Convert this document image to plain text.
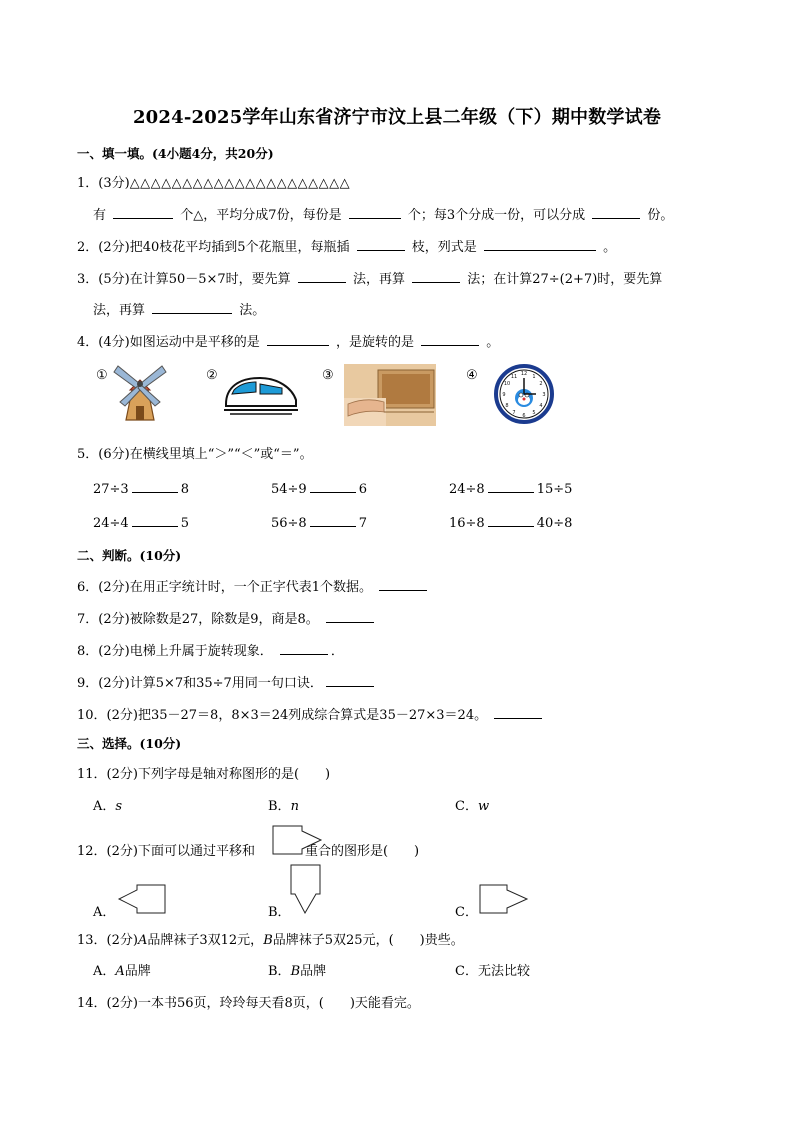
2024-2025学年山东省济宁市汶上县二年级（下）期中数学试卷
一、填一填。(4小题4分，共20分)
1．(3分)△△△△△△△△△△△△△△△△△△△△△
有	个△，平均分成7份，每份是	个；每3个分成一份，可以分成	份。
2．(2分)把40枝花平均插到5个花瓶里，每瓶插	枝，列式是	。
3．(5分)在计算50－5×7时，要先算	法，再算	法；在计算27÷(2+7)时，要先算
法，再算	法。
4．(4分)如图运动中是平移的是	，是旋转的是	。
①	②	③	④	12 1
2
3
4
5
6
7
8
9
10
11
5．(6分)在横线里填上“＞”“＜”或“＝”。
27÷3	8	54÷9	6	24÷8	15÷5
24÷4	5	56÷8	7	16÷8	40÷8
二、判断。(10分)
6．(2分)在用正字统计时，一个正字代表1个数据。
7．(2分)被除数是27，除数是9，商是8。
8．(2分)电梯上升属于旋转现象．	．
9．(2分)计算5×7和35÷7用同一句口诀．
10．(2分)把35－27＝8，8×3＝24列成综合算式是35－27×3＝24。
三、选择。(10分)
11．(2分)下列字母是轴对称图形的是(　　)
A．s	B．n	C．w
12．(2分)下面可以通过平移和	重合的图形是(　　)
A．	B．	C．
13．(2分)A品牌袜子3双12元，B品牌袜子5双25元，(　　)贵些。
A．A品牌	B．B品牌	C．无法比较
14．(2分)一本书56页，玲玲每天看8页，(　　)天能看完。
